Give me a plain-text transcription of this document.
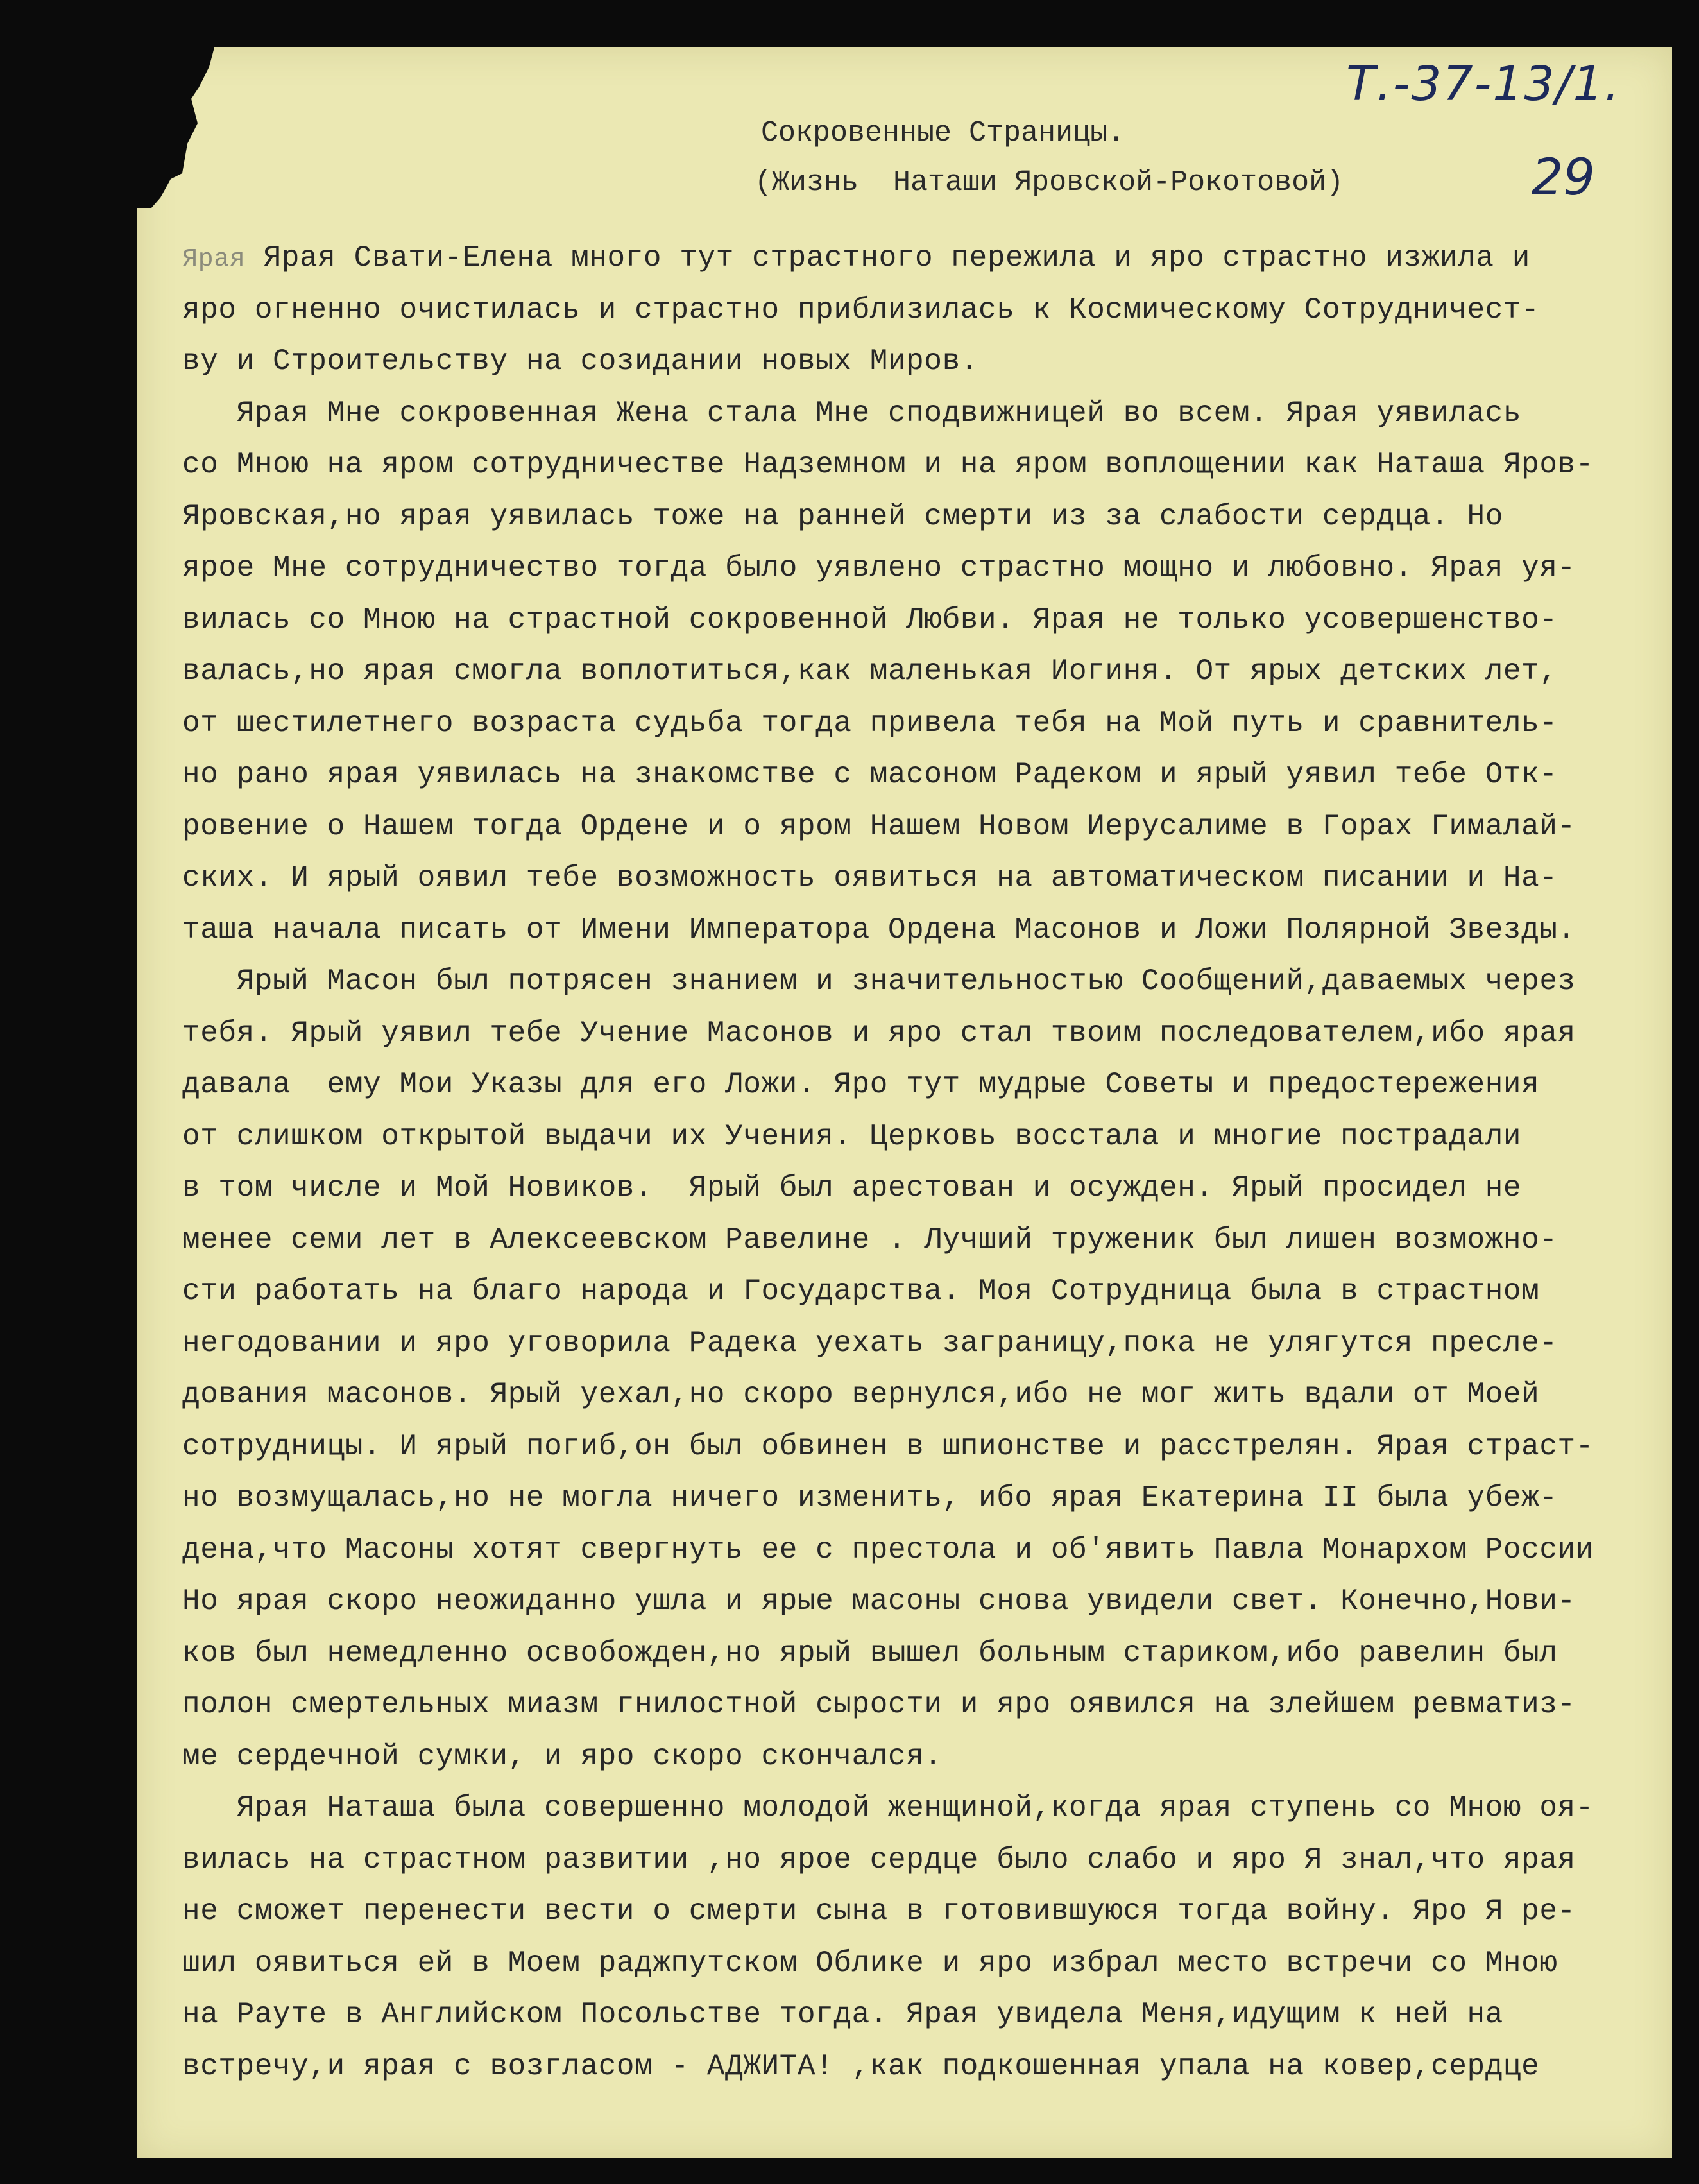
Т.-37-13/1.
29
Сокровенные Страницы.
(Жизнь  Наташи Яровской-Рокотовой)
Ярая Ярая Свати-Елена много тут страстного пережила и яро страстно изжила и
яро огненно очистилась и страстно приблизилась к Космическому Сотрудничест-
ву и Строительству на созидании новых Миров.
Ярая Мне сокровенная Жена стала Мне сподвижницей во всем. Ярая уявилась
со Мною на яром сотрудничестве Надземном и на яром воплощении как Наташа Яров-
Яровская,но ярая уявилась тоже на ранней смерти из за слабости сердца. Но
ярое Мне сотрудничество тогда было уявлено страстно мощно и любовно. Ярая уя-
вилась со Мною на страстной сокровенной Любви. Ярая не только усовершенство-
валась,но ярая смогла воплотиться,как маленькая Иогиня. От ярых детских лет,
от шестилетнего возраста судьба тогда привела тебя на Мой путь и сравнитель-
но рано ярая уявилась на знакомстве с масоном Радеком и ярый уявил тебе Отк-
ровение о Нашем тогда Ордене и о яром Нашем Новом Иерусалиме в Горах Гималай-
ских. И ярый оявил тебе возможность оявиться на автоматическом писании и На-
таша начала писать от Имени Императора Ордена Масонов и Ложи Полярной Звезды.
Ярый Масон был потрясен знанием и значительностью Сообщений,даваемых через
тебя. Ярый уявил тебе Учение Масонов и яро стал твоим последователем,ибо ярая
давала  ему Мои Указы для его Ложи. Яро тут мудрые Советы и предостережения
от слишком открытой выдачи их Учения. Церковь восстала и многие пострадали
в том числе и Мой Новиков.  Ярый был арестован и осужден. Ярый просидел не
менее семи лет в Алексеевском Равелине . Лучший труженик был лишен возможно-
сти работать на благо народа и Государства. Моя Сотрудница была в страстном
негодовании и яро уговорила Радека уехать заграницу,пока не улягутся пресле-
дования масонов. Ярый уехал,но скоро вернулся,ибо не мог жить вдали от Моей
сотрудницы. И ярый погиб,он был обвинен в шпионстве и расстрелян. Ярая страст-
но возмущалась,но не могла ничего изменить, ибо ярая Екатерина II была убеж-
дена,что Масоны хотят свергнуть ее с престола и об'явить Павла Монархом России
Но ярая скоро неожиданно ушла и ярые масоны снова увидели свет. Конечно,Нови-
ков был немедленно освобожден,но ярый вышел больным стариком,ибо равелин был
полон смертельных миазм гнилостной сырости и яро оявился на злейшем ревматиз-
ме сердечной сумки, и яро скоро скончался.
Ярая Наташа была совершенно молодой женщиной,когда ярая ступень со Мною оя-
вилась на страстном развитии ,но ярое сердце было слабо и яро Я знал,что ярая
не сможет перенести вести о смерти сына в готовившуюся тогда войну. Яро Я ре-
шил оявиться ей в Моем раджпутском Облике и яро избрал место встречи со Мною
на Рауте в Английском Посольстве тогда. Ярая увидела Меня,идущим к ней на
встречу,и ярая с возгласом - АДЖИТА! ,как подкошенная упала на ковер,сердце
